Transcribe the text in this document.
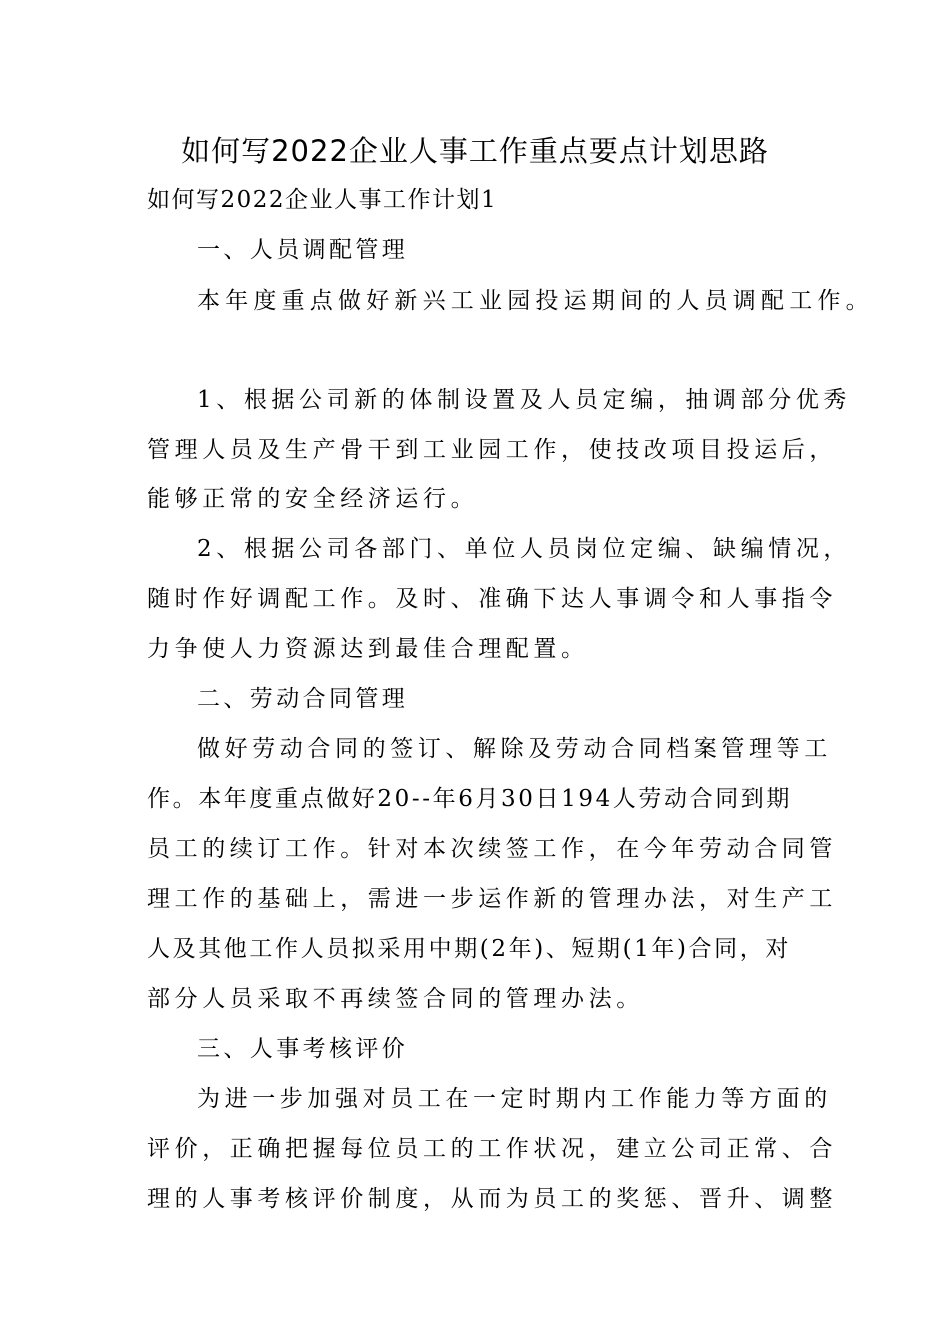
如何写2022企业人事工作重点要点计划思路
如何写2022企业人事工作计划1
一、人员调配管理
本年度重点做好新兴工业园投运期间的人员调配工作。
1、根据公司新的体制设置及人员定编，抽调部分优秀
管理人员及生产骨干到工业园工作，使技改项目投运后，
能够正常的安全经济运行。
2、根据公司各部门、单位人员岗位定编、缺编情况，
随时作好调配工作。及时、准确下达人事调令和人事指令
力争使人力资源达到最佳合理配置。
二、劳动合同管理
做好劳动合同的签订、解除及劳动合同档案管理等工
作。本年度重点做好20--年6月30日194人劳动合同到期
员工的续订工作。针对本次续签工作，在今年劳动合同管
理工作的基础上，需进一步运作新的管理办法，对生产工
人及其他工作人员拟采用中期(2年)、短期(1年)合同，对
部分人员采取不再续签合同的管理办法。
三、人事考核评价
为进一步加强对员工在一定时期内工作能力等方面的
评价，正确把握每位员工的工作状况，建立公司正常、合
理的人事考核评价制度，从而为员工的奖惩、晋升、调整
